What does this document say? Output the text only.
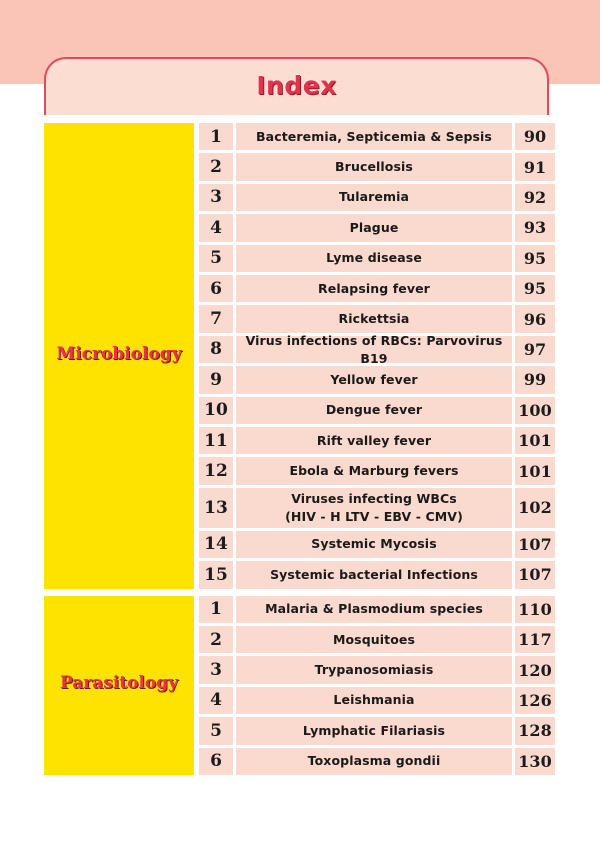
Index
Microbiology
Parasitology
1	Bacteremia, Septicemia & Sepsis 90
2	Brucellosis	91
3	Tularemia	92
4	Plague	93
5	Lyme disease	95
6	Relapsing fever	95
7	Rickettsia	96
8	Virus infections of RBCs: Parvovirus B19	97
9	Yellow fever	99
10	Dengue fever	100
11	Rift valley fever	101
12	Ebola & Marburg fevers	101
13	Viruses infecting WBCs
(HIV - H LTV - EBV - CMV)	102
14	Systemic Mycosis	107
15	Systemic bacterial Infections	107
1	Malaria & Plasmodium species 110
2	Mosquitoes	117
3	Trypanosomiasis	120
4	Leishmania	126
5	Lymphatic Filariasis	128
6	Toxoplasma gondii	130
